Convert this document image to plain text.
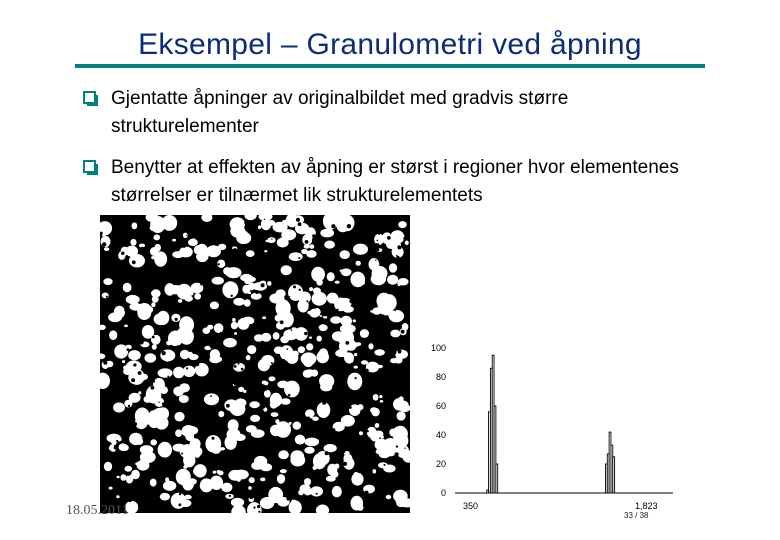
Eksempel – Granulometri ved åpning
Gjentatte åpninger av originalbildet med gradvis større strukturelementer
Benytter at effekten av åpning er størst i regioner hvor elementenes størrelser er tilnærmet lik strukturelementets
0
20
40
60
80
100
350	1,823
18.05.2011	33 / 38
